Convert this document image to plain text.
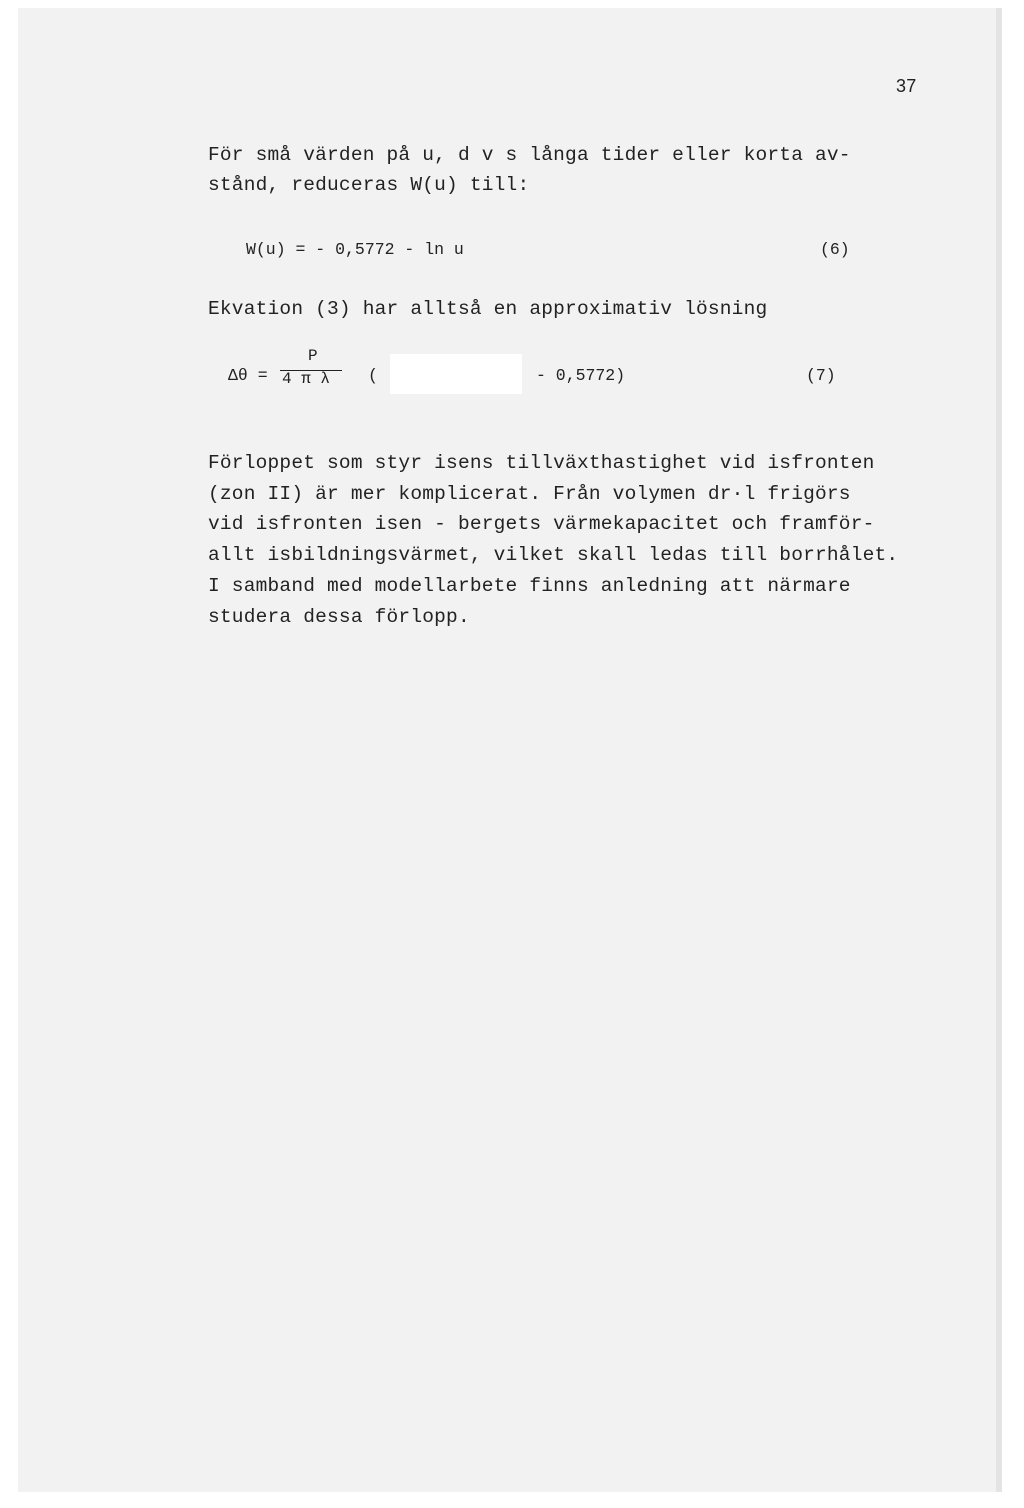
37
För små värden på u, d v s långa tider eller korta av-
stånd, reduceras W(u) till:
W(u) = - 0,5772 - ln u	(6)
Ekvation (3) har alltså en approximativ lösning
Δθ =
P
4 π λ (	- 0,5772)	(7)
Förloppet som styr isens tillväxthastighet vid isfronten
(zon II) är mer komplicerat. Från volymen dr·l frigörs
vid isfronten isen - bergets värmekapacitet och framför-
allt isbildningsvärmet, vilket skall ledas till borrhålet.
I samband med modellarbete finns anledning att närmare
studera dessa förlopp.
